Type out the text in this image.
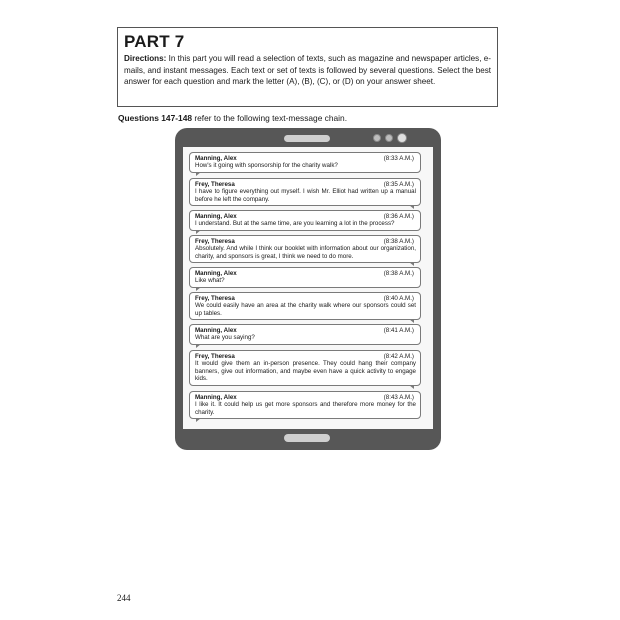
PART 7
Directions: In this part you will read a selection of texts, such as magazine and newspaper articles, e-mails, and instant messages. Each text or set of texts is followed by several questions. Select the best answer for each question and mark the letter (A), (B), (C), or (D) on your answer sheet.
Questions 147-148 refer to the following text-message chain.
Manning, Alex	(8:33 A.M.)
How's it going with sponsorship for the charity walk?
Frey, Theresa	(8:35 A.M.)
I have to figure everything out myself. I wish Mr. Elliot had written up a manual before he left the company.
Manning, Alex	(8:36 A.M.)
I understand. But at the same time, are you learning a lot in the process?
Frey, Theresa	(8:38 A.M.)
Absolutely. And while I think our booklet with information about our organization, charity, and sponsors is great, I think we need to do more.
Manning, Alex	(8:38 A.M.)
Like what?
Frey, Theresa	(8:40 A.M.)
We could easily have an area at the charity walk where our sponsors could set up tables.
Manning, Alex	(8:41 A.M.)
What are you saying?
Frey, Theresa	(8:42 A.M.)
It would give them an in-person presence. They could hang their company banners, give out information, and maybe even have a quick activity to engage kids.
Manning, Alex	(8:43 A.M.)
I like it. It could help us get more sponsors and therefore more money for the charity.
244
